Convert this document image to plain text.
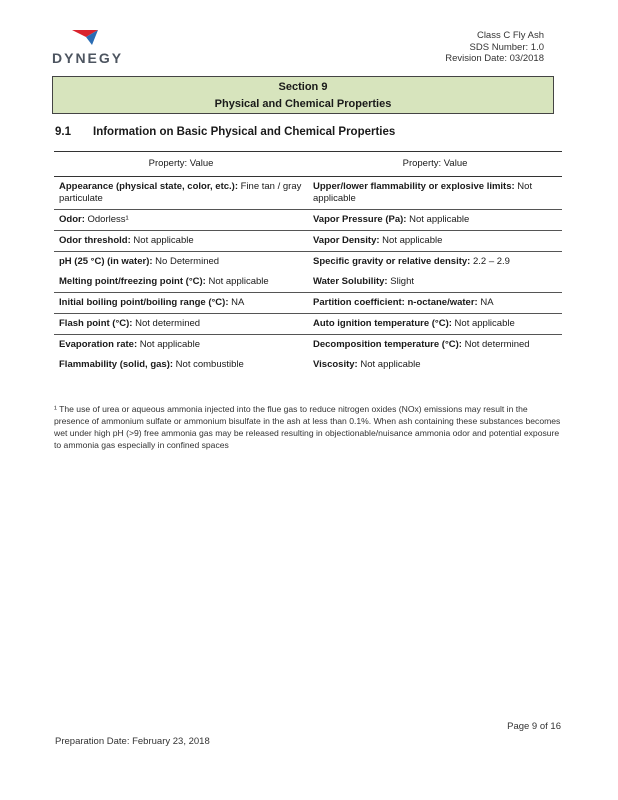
DYNEGY
Class C Fly Ash
SDS Number: 1.0
Revision Date: 03/2018
Section 9
Physical and Chemical Properties
9.1 Information on Basic Physical and Chemical Properties
Property: Value	Property: Value
Appearance (physical state, color, etc.): Fine tan / gray particulate	Upper/lower flammability or explosive limits: Not applicable
Odor: Odorless¹	Vapor Pressure (Pa): Not applicable
Odor threshold: Not applicable	Vapor Density: Not applicable
pH (25 °C) (in water): No Determined	Specific gravity or relative density: 2.2 – 2.9
Melting point/freezing point (°C): Not applicable	Water Solubility: Slight
Initial boiling point/boiling range (°C): NA	Partition coefficient: n-octane/water: NA
Flash point (°C): Not determined	Auto ignition temperature (°C): Not applicable
Evaporation rate: Not applicable	Decomposition temperature (°C): Not determined
Flammability (solid, gas): Not combustible	Viscosity: Not applicable
¹ The use of urea or aqueous ammonia injected into the flue gas to reduce nitrogen oxides (NOx) emissions may result in the presence of ammonium sulfate or ammonium bisulfate in the ash at less than 0.1%. When ash containing these substances becomes wet under high pH (>9) free ammonia gas may be released resulting in objectionable/nuisance ammonia odor and potential exposure to ammonia gas especially in confined spaces
Page 9 of 16
Preparation Date: February 23, 2018
